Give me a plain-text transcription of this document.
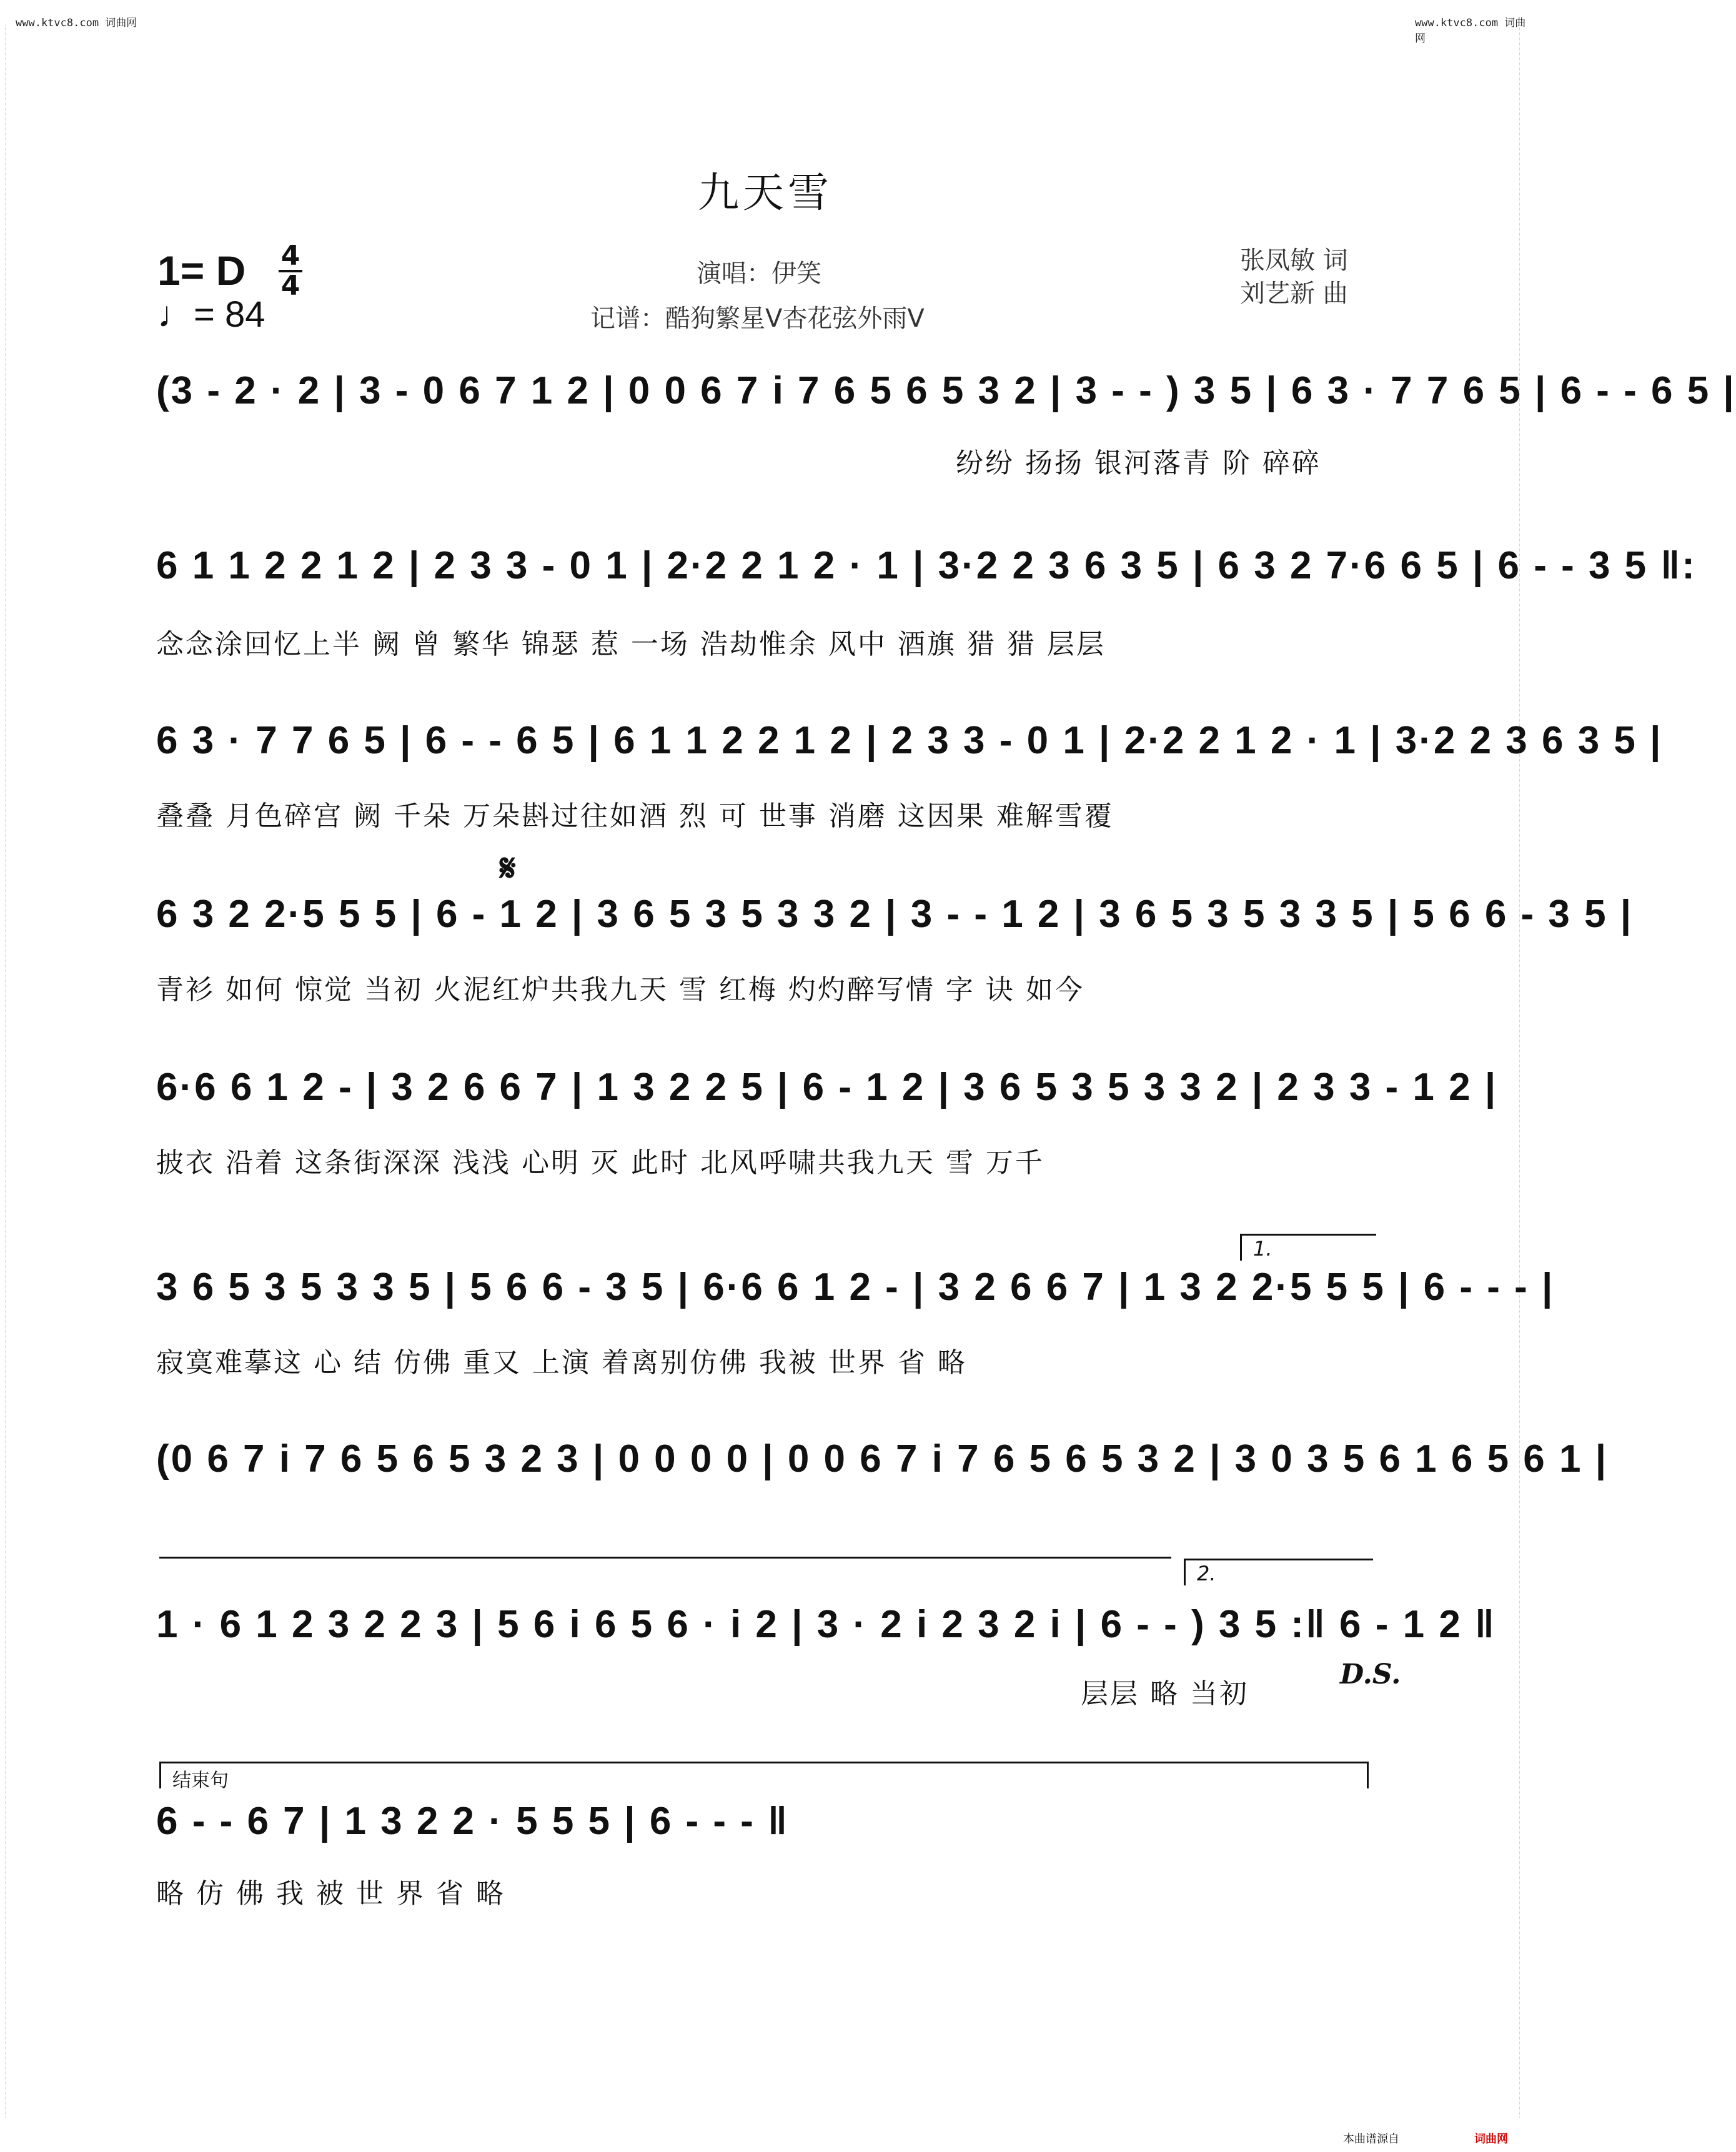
www.ktvc8.com 词曲网	www.ktvc8.com 词曲网
九天雪
1= D 4
4
♩= 84
演唱：伊笑
记谱：酷狗繁星V杏花弦外雨V
张凤敏 词
刘艺新 曲
(3 - 2 · 2 | 3 - 0 6 7 1 2 | 0 0 6 7 i 7 6 5 6 5 3 2 | 3 - - ) 3 5 | 6 3 · 7 7 6 5 | 6 - - 6 5 |
纷纷 扬扬 银河落青 阶 碎碎
6 1 1 2 2 1 2 | 2 3 3 - 0 1 | 2·2 2 1 2 · 1 | 3·2 2 3 6 3 5 | 6 3 2 7·6 6 5 | 6 - - 3 5 ‖:
念念涂回忆上半 阙 曾 繁华 锦瑟 惹 一场 浩劫惟余 风中 酒旗 猎 猎 层层
6 3 · 7 7 6 5 | 6 - - 6 5 | 6 1 1 2 2 1 2 | 2 3 3 - 0 1 | 2·2 2 1 2 · 1 | 3·2 2 3 6 3 5 |
叠叠 月色碎宫 阙 千朵 万朵斟过往如酒 烈 可 世事 消磨 这因果 难解雪覆
𝄋
6 3 2 2·5 5 5 | 6 - 1 2 | 3 6 5 3 5 3 3 2 | 3 - - 1 2 | 3 6 5 3 5 3 3 5 | 5 6 6 - 3 5 |
青衫 如何 惊觉 当初 火泥红炉共我九天 雪 红梅 灼灼醉写情 字 诀 如今
6·6 6 1 2 - | 3 2 6 6 7 | 1 3 2 2 5 | 6 - 1 2 | 3 6 5 3 5 3 3 2 | 2 3 3 - 1 2 |
披衣 沿着 这条街深深 浅浅 心明 灭 此时 北风呼啸共我九天 雪 万千
1.
3 6 5 3 5 3 3 5 | 5 6 6 - 3 5 | 6·6 6 1 2 - | 3 2 6 6 7 | 1 3 2 2·5 5 5 | 6 - - - |
寂寞难摹这 心 结 仿佛 重又 上演 着离别仿佛 我被 世界 省 略
(0 6 7 i 7 6 5 6 5 3 2 3 | 0 0 0 0 | 0 0 6 7 i 7 6 5 6 5 3 2 | 3 0 3 5 6 1 6 5 6 1 |
2.
1 · 6 1 2 3 2 2 3 | 5 6 i 6 5 6 · i 2 | 3 · 2 i 2 3 2 i | 6 - - ) 3 5 :‖ 6 - 1 2 ‖
层层 略 当初
D.S.
结束句
6 - - 6 7 | 1 3 2 2 · 5 5 5 | 6 - - - ‖
略 仿 佛 我 被 世 界 省 略
本曲谱源自	词曲网
